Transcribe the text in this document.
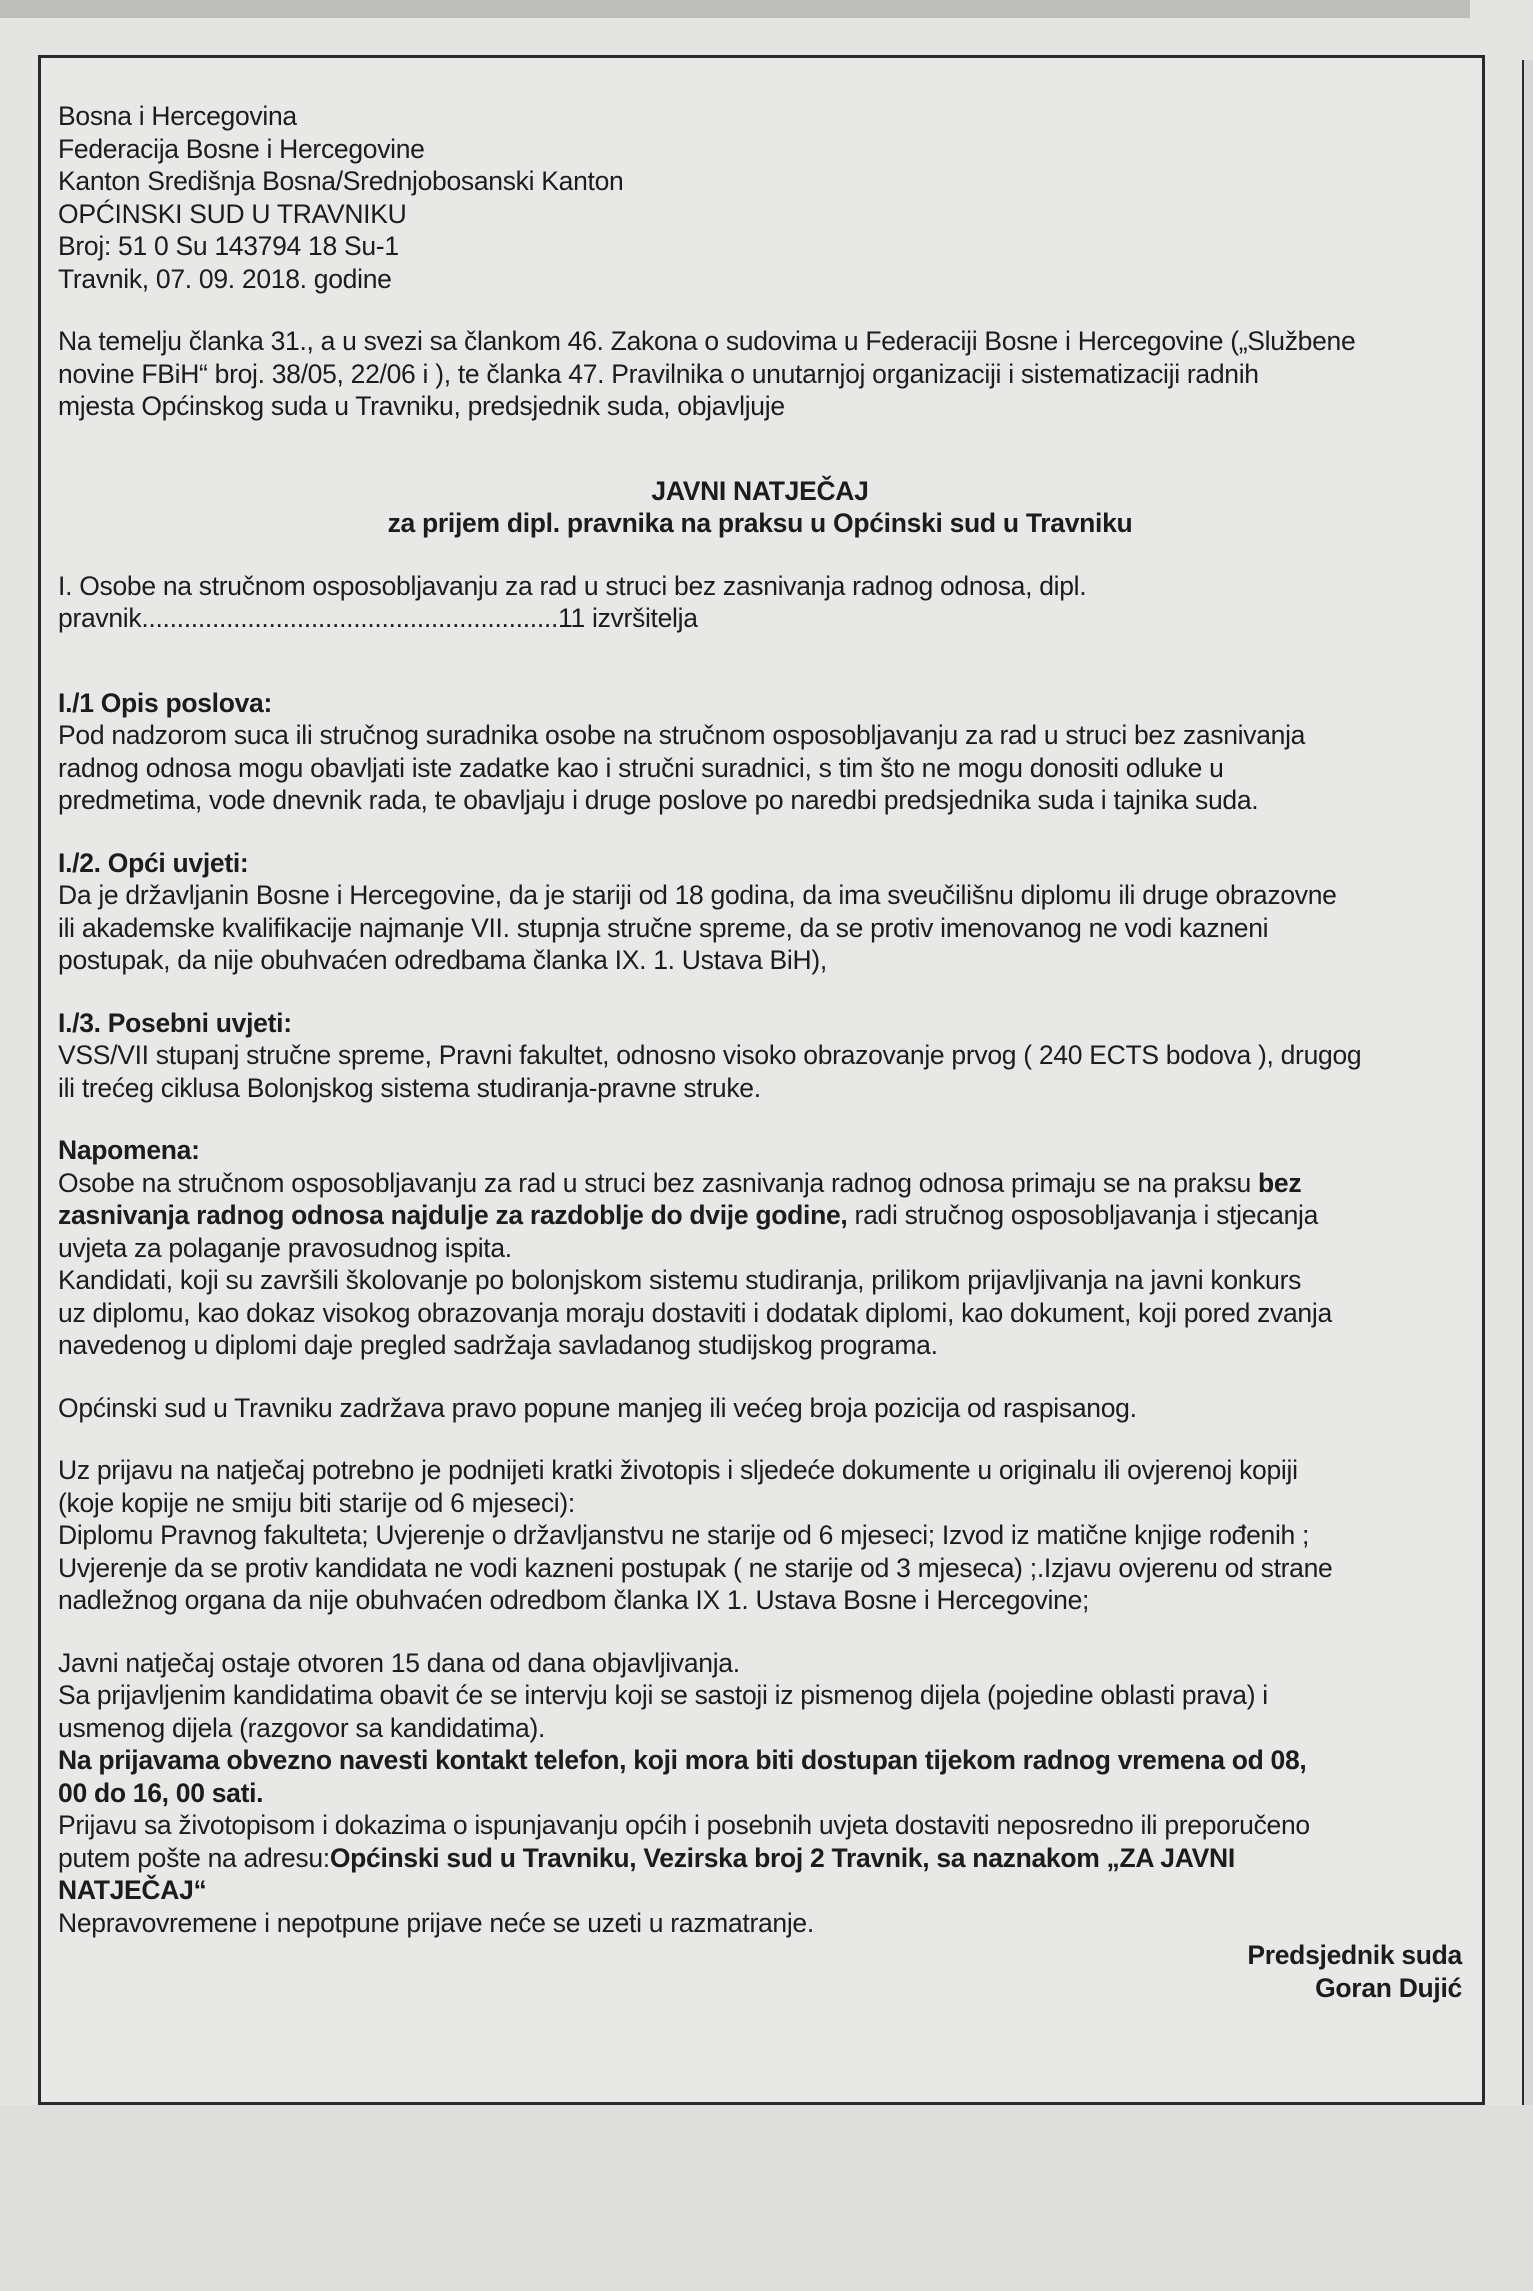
Bosna i Hercegovina

Federacija Bosne i Hercegovine

Kanton Središnja Bosna/Srednjobosanski Kanton

OPĆINSKI SUD U TRAVNIKU

Broj: 51 0 Su 143794 18 Su-1

Travnik, 07. 09. 2018. godine

Na temelju članka 31., a u svezi sa člankom 46. Zakona o sudovima u Federaciji Bosne i Hercegovine („Službene

novine FBiH“ broj. 38/05, 22/06 i ), te članka 47. Pravilnika o unutarnjoj organizaciji i sistematizaciji radnih

mjesta Općinskog suda u Travniku, predsjednik suda, objavljuje

JAVNI NATJEČAJ

za prijem dipl. pravnika na praksu u Općinski sud u Travniku

I. Osobe na stručnom osposobljavanju za rad u struci bez zasnivanja radnog odnosa, dipl.

pravnik...........................................................11 izvršitelja

I./1 Opis poslova:

Pod nadzorom suca ili stručnog suradnika osobe na stručnom osposobljavanju za rad u struci bez zasnivanja

radnog odnosa mogu obavljati iste zadatke kao i stručni suradnici, s tim što ne mogu donositi odluke u

predmetima, vode dnevnik rada, te obavljaju i druge poslove po naredbi predsjednika suda i tajnika suda.

I./2. Opći uvjeti:

Da je državljanin Bosne i Hercegovine, da je stariji od 18 godina, da ima sveučilišnu diplomu ili druge obrazovne

ili akademske kvalifikacije najmanje VII. stupnja stručne spreme, da se protiv imenovanog ne vodi kazneni

postupak, da nije obuhvaćen odredbama članka IX. 1. Ustava BiH),

I./3. Posebni uvjeti:

VSS/VII stupanj stručne spreme, Pravni fakultet, odnosno visoko obrazovanje prvog ( 240 ECTS bodova ), drugog

ili trećeg ciklusa Bolonjskog sistema studiranja-pravne struke.

Napomena:

Osobe na stručnom osposobljavanju za rad u struci bez zasnivanja radnog odnosa primaju se na praksu bez

zasnivanja radnog odnosa najdulje za razdoblje do dvije godine, radi stručnog osposobljavanja i stjecanja

uvjeta za polaganje pravosudnog ispita.

Kandidati, koji su završili školovanje po bolonjskom sistemu studiranja, prilikom prijavljivanja na javni konkurs

uz diplomu, kao dokaz visokog obrazovanja moraju dostaviti i dodatak diplomi, kao dokument, koji pored zvanja

navedenog u diplomi daje pregled sadržaja savladanog studijskog programa.

Općinski sud u Travniku zadržava pravo popune manjeg ili većeg broja pozicija od raspisanog.

Uz prijavu na natječaj potrebno je podnijeti kratki životopis i sljedeće dokumente u originalu ili ovjerenoj kopiji

(koje kopije ne smiju biti starije od 6 mjeseci):

Diplomu Pravnog fakulteta; Uvjerenje o državljanstvu ne starije od 6 mjeseci; Izvod iz matične knjige rođenih ;

Uvjerenje da se protiv kandidata ne vodi kazneni postupak ( ne starije od 3 mjeseca) ;.Izjavu ovjerenu od strane

nadležnog organa da nije obuhvaćen odredbom članka IX 1. Ustava Bosne i Hercegovine;

Javni natječaj ostaje otvoren 15 dana od dana objavljivanja.

Sa prijavljenim kandidatima obavit će se intervju koji se sastoji iz pismenog dijela (pojedine oblasti prava) i

usmenog dijela (razgovor sa kandidatima).

Na prijavama obvezno navesti kontakt telefon, koji mora biti dostupan tijekom radnog vremena od 08,

00 do 16, 00 sati.

Prijavu sa životopisom i dokazima o ispunjavanju općih i posebnih uvjeta dostaviti neposredno ili preporučeno

putem pošte na adresu:Općinski sud u Travniku, Vezirska broj 2 Travnik, sa naznakom „ZA JAVNI

NATJEČAJ“

Nepravovremene i nepotpune prijave neće se uzeti u razmatranje.

Predsjednik suda

Goran Dujić
